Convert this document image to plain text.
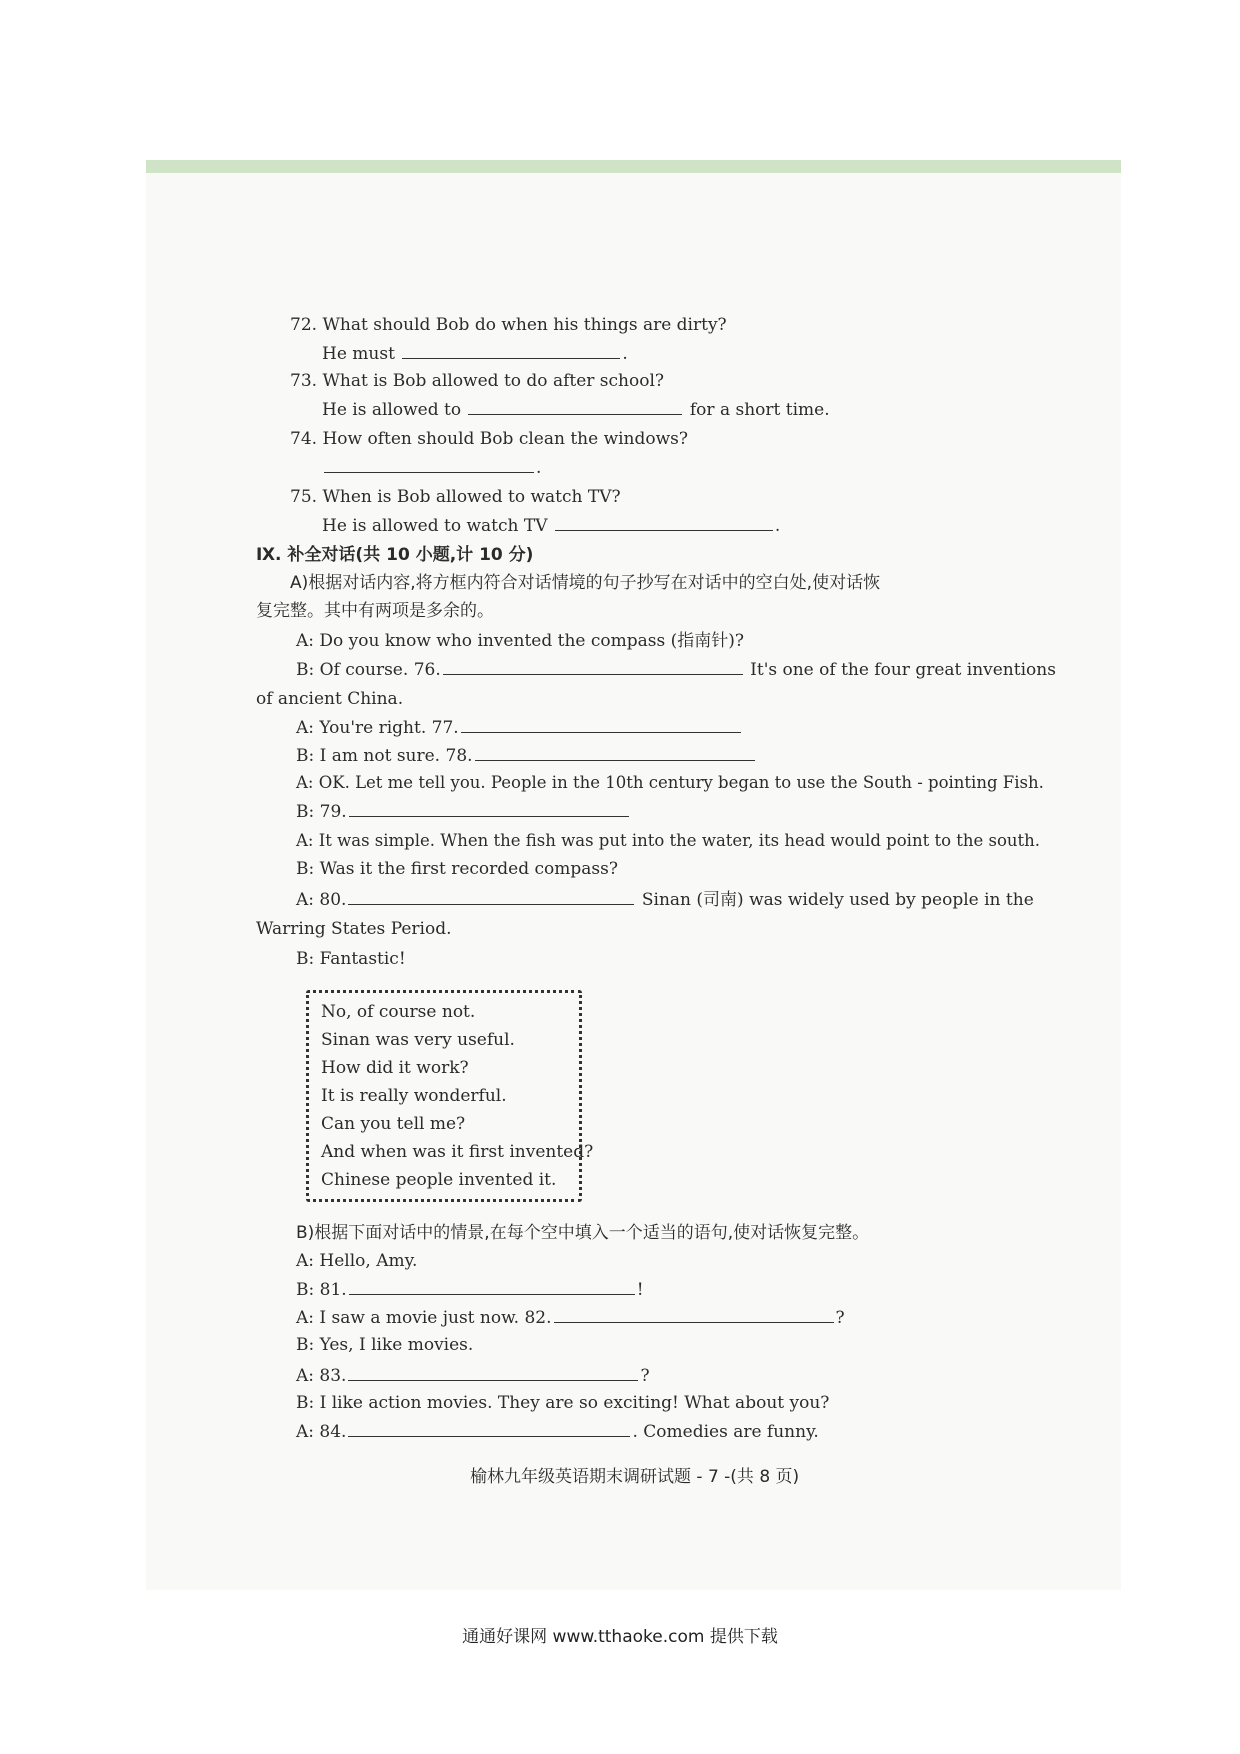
72. What should Bob do when his things are dirty?
He must	.
73. What is Bob allowed to do after school?
He is allowed to	for a short time.
74. How often should Bob clean the windows?
.
75. When is Bob allowed to watch TV?
He is allowed to watch TV	.
Ⅸ. 补全对话(共 10 小题,计 10 分)
A)根据对话内容,将方框内符合对话情境的句子抄写在对话中的空白处,使对话恢
复完整。其中有两项是多余的。
A: Do you know who invented the compass (指南针)?
B: Of course. 76.	It's one of the four great inventions
of ancient China.
A: You're right. 77.
B: I am not sure. 78.
A: OK. Let me tell you. People in the 10th century began to use the South - pointing Fish.
B: 79.
A: It was simple. When the fish was put into the water, its head would point to the south.
B: Was it the first recorded compass?
A: 80.	Sinan (司南) was widely used by people in the
Warring States Period.
B: Fantastic!
No, of course not.
Sinan was very useful.
How did it work?
It is really wonderful.
Can you tell me?
And when was it first invented?
Chinese people invented it.
B)根据下面对话中的情景,在每个空中填入一个适当的语句,使对话恢复完整。
A: Hello, Amy.
B: 81.	!
A: I saw a movie just now. 82.	?
B: Yes, I like movies.
A: 83.	?
B: I like action movies. They are so exciting! What about you?
A: 84.	. Comedies are funny.
榆林九年级英语期末调研试题 - 7 -(共 8 页)
通通好课网 www.tthaoke.com 提供下载
